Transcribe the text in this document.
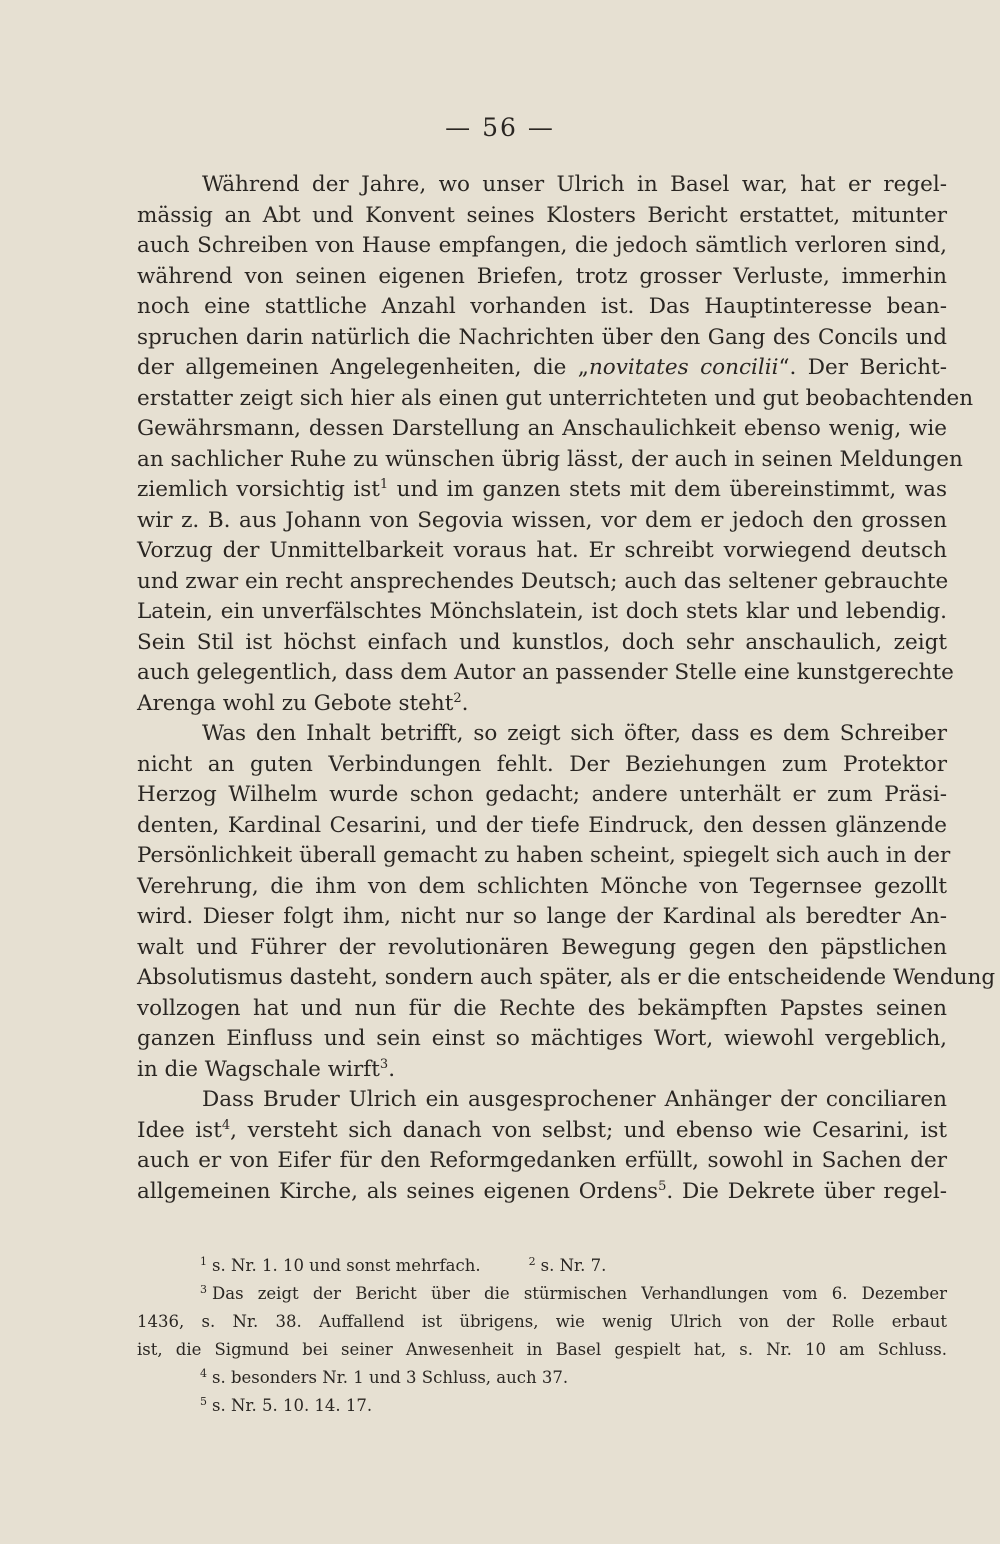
— 56 —

Während der Jahre, wo unser Ulrich in Basel war, hat er regel-
mässig an Abt und Konvent seines Klosters Bericht erstattet, mitunter
auch Schreiben von Hause empfangen, die jedoch sämtlich verloren sind,
während von seinen eigenen Briefen, trotz grosser Verluste, immerhin
noch eine stattliche Anzahl vorhanden ist. Das Hauptinteresse bean-
spruchen darin natürlich die Nachrichten über den Gang des Concils und
der allgemeinen Angelegenheiten, die „novitates concilii“. Der Bericht-
erstatter zeigt sich hier als einen gut unterrichteten und gut beobachtenden
Gewährsmann, dessen Darstellung an Anschaulichkeit ebenso wenig, wie
an sachlicher Ruhe zu wünschen übrig lässt, der auch in seinen Meldungen
ziemlich vorsichtig ist$^1$ und im ganzen stets mit dem übereinstimmt, was
wir z. B. aus Johann von Segovia wissen, vor dem er jedoch den grossen
Vorzug der Unmittelbarkeit voraus hat. Er schreibt vorwiegend deutsch
und zwar ein recht ansprechendes Deutsch; auch das seltener gebrauchte
Latein, ein unverfälschtes Mönchslatein, ist doch stets klar und lebendig.
Sein Stil ist höchst einfach und kunstlos, doch sehr anschaulich, zeigt
auch gelegentlich, dass dem Autor an passender Stelle eine kunstgerechte
Arenga wohl zu Gebote steht$^2$.

Was den Inhalt betrifft, so zeigt sich öfter, dass es dem Schreiber
nicht an guten Verbindungen fehlt. Der Beziehungen zum Protektor
Herzog Wilhelm wurde schon gedacht; andere unterhält er zum Präsi-
denten, Kardinal Cesarini, und der tiefe Eindruck, den dessen glänzende
Persönlichkeit überall gemacht zu haben scheint, spiegelt sich auch in der
Verehrung, die ihm von dem schlichten Mönche von Tegernsee gezollt
wird. Dieser folgt ihm, nicht nur so lange der Kardinal als beredter An-
walt und Führer der revolutionären Bewegung gegen den päpstlichen
Absolutismus dasteht, sondern auch später, als er die entscheidende Wendung
vollzogen hat und nun für die Rechte des bekämpften Papstes seinen
ganzen Einfluss und sein einst so mächtiges Wort, wiewohl vergeblich,
in die Wagschale wirft$^3$.

Dass Bruder Ulrich ein ausgesprochener Anhänger der conciliaren
Idee ist$^4$, versteht sich danach von selbst; und ebenso wie Cesarini, ist
auch er von Eifer für den Reformgedanken erfüllt, sowohl in Sachen der
allgemeinen Kirche, als seines eigenen Ordens$^5$. Die Dekrete über regel-

$^1$ s. Nr. 1. 10 und sonst mehrfach.	$^2$ s. Nr. 7.
$^3$ Das zeigt der Bericht über die stürmischen Verhandlungen vom 6. Dezember
1436, s. Nr. 38. Auffallend ist übrigens, wie wenig Ulrich von der Rolle erbaut
ist, die Sigmund bei seiner Anwesenheit in Basel gespielt hat, s. Nr. 10 am Schluss.
$^4$ s. besonders Nr. 1 und 3 Schluss, auch 37.
$^5$ s. Nr. 5. 10. 14. 17.
